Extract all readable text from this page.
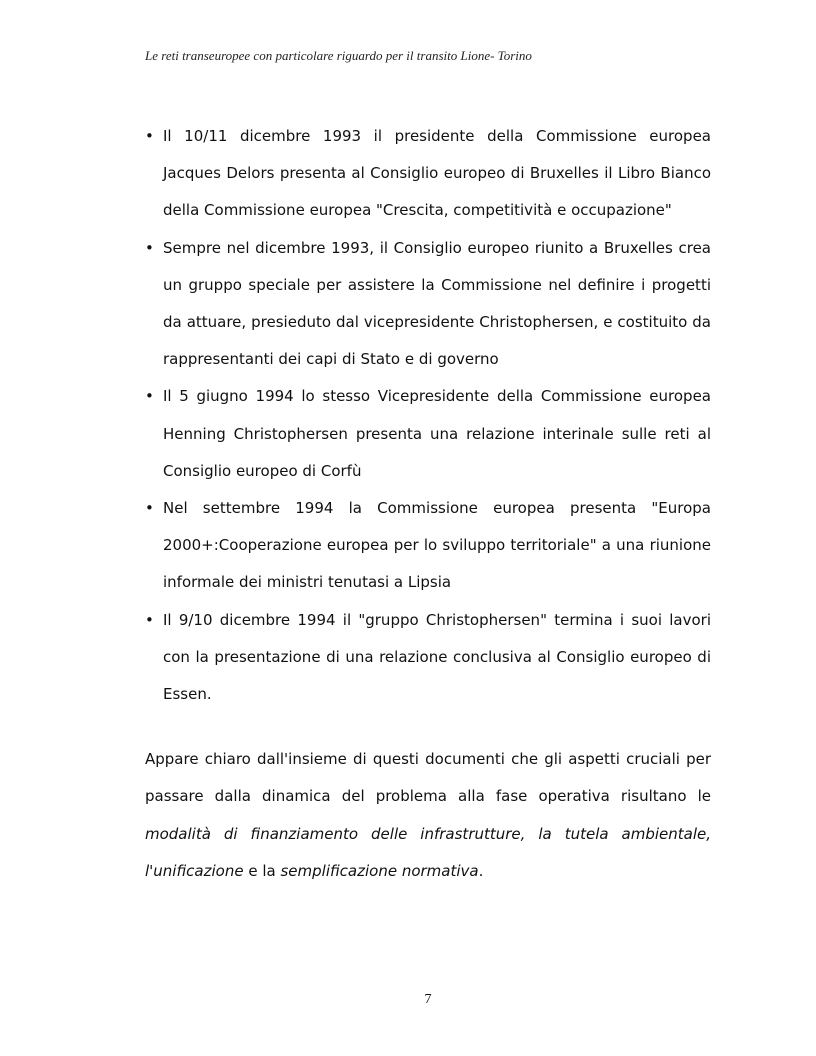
Le reti transeuropee con particolare riguardo per il transito Lione- Torino
• Il 10/11 dicembre 1993 il presidente della Commissione europea Jacques Delors presenta al Consiglio europeo di Bruxelles il Libro Bianco della Commissione europea "Crescita, competitività e occupazione"
• Sempre nel dicembre 1993, il Consiglio europeo riunito a Bruxelles crea un gruppo speciale per assistere la Commissione nel definire i progetti da attuare, presieduto dal vicepresidente Christophersen, e costituito da rappresentanti dei capi di Stato e di governo
• Il 5 giugno 1994 lo stesso Vicepresidente della Commissione europea Henning Christophersen presenta una relazione interinale sulle reti al Consiglio europeo di Corfù
• Nel settembre 1994 la Commissione europea presenta "Europa 2000+:Cooperazione europea per lo sviluppo territoriale" a una riunione informale dei ministri tenutasi a Lipsia
• Il 9/10 dicembre 1994 il "gruppo Christophersen" termina i suoi lavori con la presentazione di una relazione conclusiva al Consiglio europeo di Essen.

Appare chiaro dall'insieme di questi documenti che gli aspetti cruciali per passare dalla dinamica del problema alla fase operativa risultano le modalità di finanziamento delle infrastrutture, la tutela ambientale, l'unificazione e la semplificazione normativa.

7
